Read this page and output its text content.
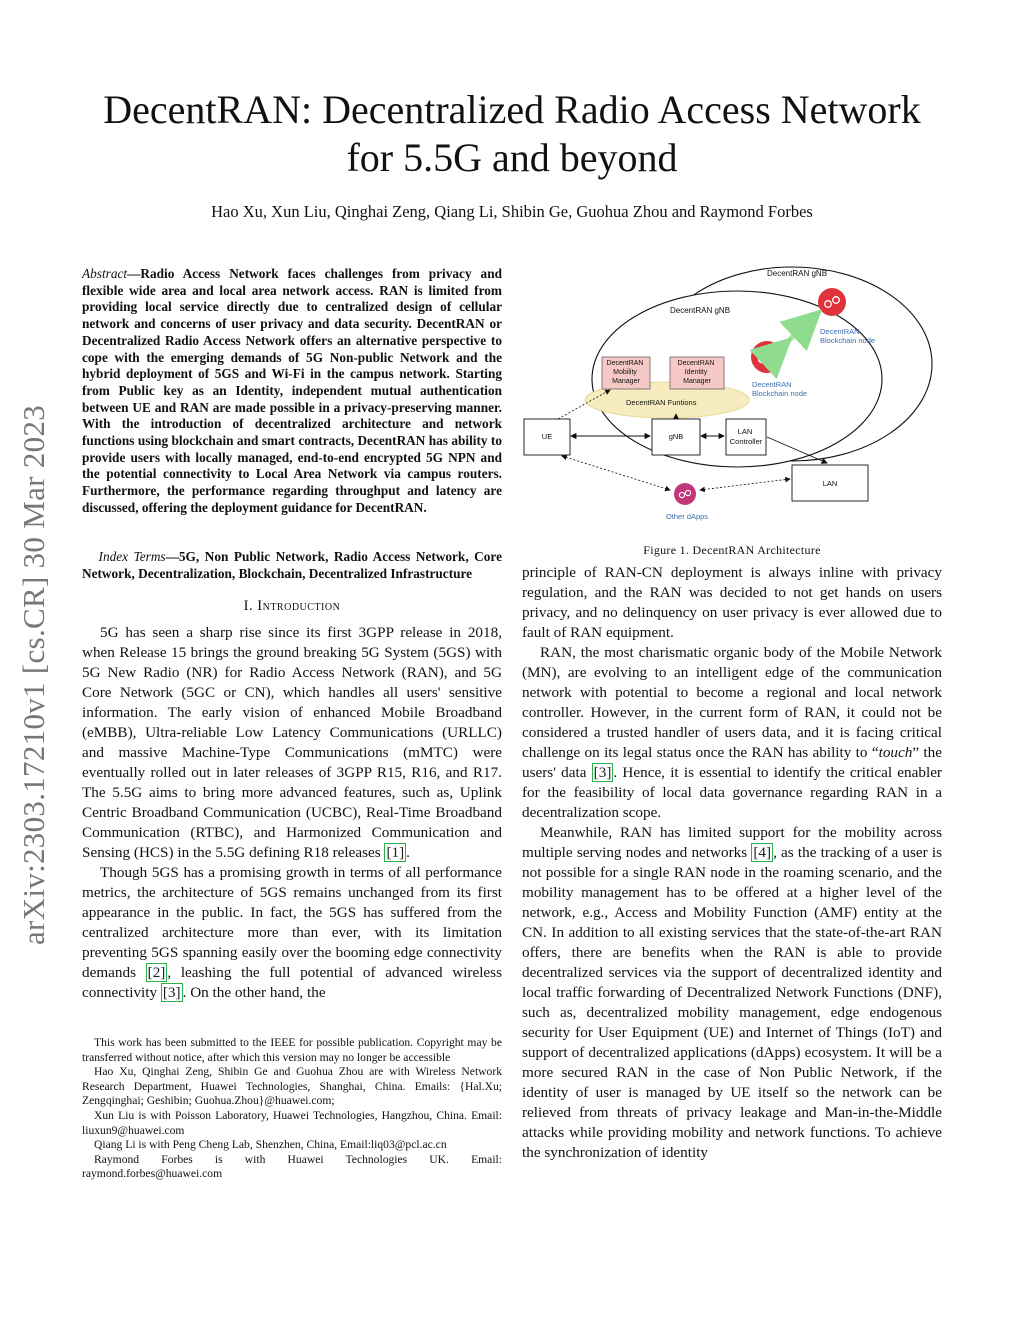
DecentRAN: Decentralized Radio Access Network
for 5.5G and beyond
Hao Xu, Xun Liu, Qinghai Zeng, Qiang Li, Shibin Ge, Guohua Zhou and Raymond Forbes
arXiv:2303.17210v1 [cs.CR] 30 Mar 2023
Abstract—Radio Access Network faces challenges from privacy and flexible wide area and local area network access. RAN is limited from providing local service directly due to centralized design of cellular network and concerns of user privacy and data security. DecentRAN or Decentralized Radio Access Network offers an alternative perspective to cope with the emerging demands of 5G Non-public Network and the hybrid deployment of 5GS and Wi-Fi in the campus network. Starting from Public key as an Identity, independent mutual authentication between UE and RAN are made possible in a privacy-preserving manner. With the introduction of decentralized architecture and network functions using blockchain and smart contracts, DecentRAN has ability to provide users with locally managed, end-to-end encrypted 5G NPN and the potential connectivity to Local Area Network via campus routers. Furthermore, the performance regarding throughput and latency are discussed, offering the deployment guidance for DecentRAN.
Index Terms—5G, Non Public Network, Radio Access Network, Core Network, Decentralization, Blockchain, Decentralized Infrastructure
I. Introduction

5G has seen a sharp rise since its first 3GPP release in 2018, when Release 15 brings the ground breaking 5G System (5GS) with 5G New Radio (NR) for Radio Access Network (RAN), and 5G Core Network (5GC or CN), which handles all users' sensitive information. The early vision of enhanced Mobile Broadband (eMBB), Ultra-reliable Low Latency Communications (URLLC) and massive Machine-Type Communications (mMTC) were eventually rolled out in later releases of 3GPP R15, R16, and R17. The 5.5G aims to bring more advanced features, such as, Uplink Centric Broadband Communication (UCBC), Real-Time Broadband Communication (RTBC), and Harmonized Communication and Sensing (HCS) in the 5.5G defining R18 releases [1] .

Though 5GS has a promising growth in terms of all performance metrics, the architecture of 5GS remains unchanged from its first appearance in the public. In fact, the 5GS has suffered from the centralized architecture more than ever, with its limitation preventing 5GS spanning easily over the booming edge connectivity demands [2] , leashing the full potential of advanced wireless connectivity [3] . On the other hand, the

This work has been submitted to the IEEE for possible publication. Copyright may be transferred without notice, after which this version may no longer be accessible

Hao Xu, Qinghai Zeng, Shibin Ge and Guohua Zhou are with Wireless Network Research Department, Huawei Technologies, Shanghai, China. Emails: {Hal.Xu; Zengqinghai; Geshibin; Guohua.Zhou}@huawei.com;

Xun Liu is with Poisson Laboratory, Huawei Technologies, Hangzhou, China. Email: liuxun9@huawei.com

Qiang Li is with Peng Cheng Lab, Shenzhen, China, Email:liq03@pcl.ac.cn

Raymond Forbes is with Huawei Technologies UK. Email: raymond.forbes@huawei.com

DecentRAN gNB
DecentRAN gNB
DecentRAN Funtions
DecentRAN Mobility Manager
DecentRAN Identity Manager
DecentRAN Blockchain node
DecentRAN Blockchain node
UE	gNB
LAN Controller
LAN
Other dApps
Figure 1. DecentRAN Architecture

principle of RAN-CN deployment is always inline with privacy regulation, and the RAN was decided to not get hands on users privacy, and no delinquency on user privacy is ever allowed due to fault of RAN equipment.

RAN, the most charismatic organic body of the Mobile Network (MN), are evolving to an intelligent edge of the communication network with potential to become a regional and local network controller. However, in the current form of RAN, it could not be considered a trusted handler of users data, and it is facing critical challenge on its legal status once the RAN has ability to “touch” the users' data [3] . Hence, it is essential to identify the critical enabler for the feasibility of local data governance regarding RAN in a decentralization scope.

Meanwhile, RAN has limited support for the mobility across multiple serving nodes and networks [4] , as the tracking of a user is not possible for a single RAN node in the roaming scenario, and the mobility management has to be offered at a higher level of the network, e.g., Access and Mobility Function (AMF) entity at the CN. In addition to all existing services that the state-of-the-art RAN offers, there are benefits when the RAN is able to provide decentralized services via the support of decentralized identity and local traffic forwarding of Decentralized Network Functions (DNF), such as, decentralized mobility management, edge endogenous security for User Equipment (UE) and Internet of Things (IoT) and support of decentralized applications (dApps) ecosystem. It will be a more secured RAN in the case of Non Public Network, if the identity of user is managed by UE itself so the network can be relieved from threats of privacy leakage and Man-in-the-Middle attacks while providing mobility and network functions. To achieve the synchronization of identity
